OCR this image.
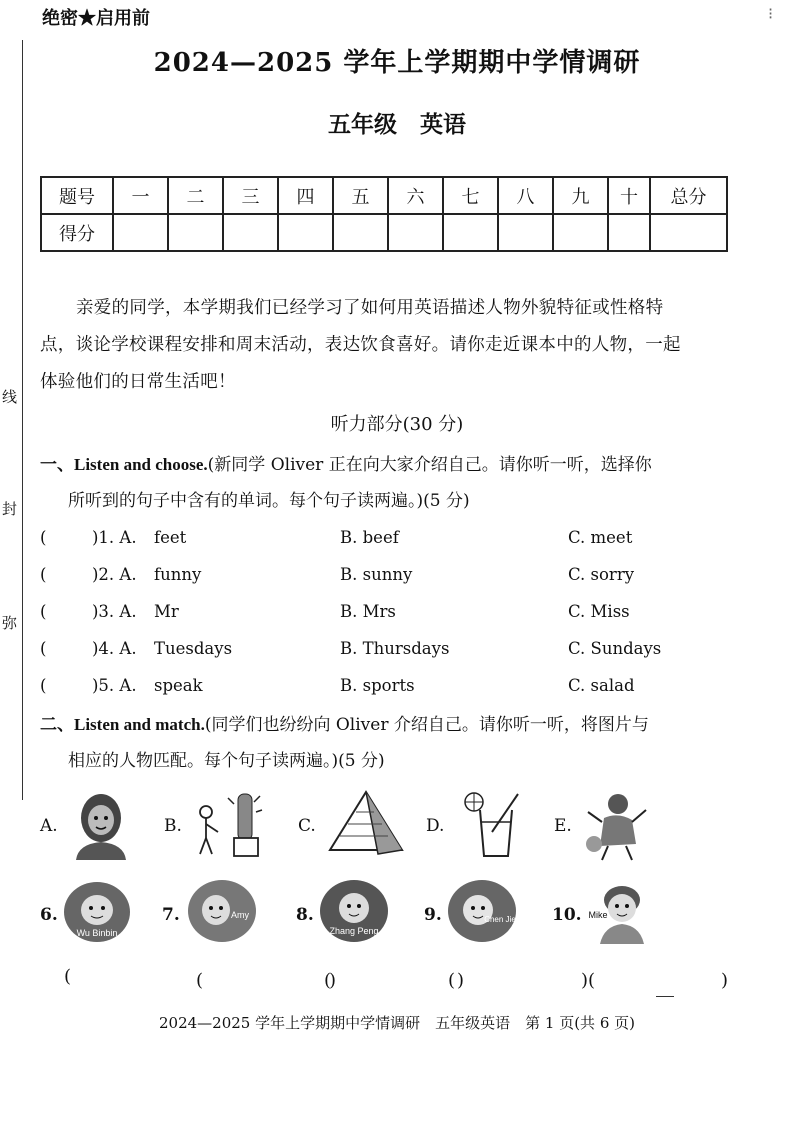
线
封
弥
绝密★启用前	⁝
2024—2025 学年上学期期中学情调研
五年级　英语
题号	一	二	三	四	五	六	七	八	九	十	总分
得分											
亲爱的同学，本学期我们已经学习了如何用英语描述人物外貌特征或性格特
点，谈论学校课程安排和周末活动，表达饮食喜好。请你走近课本中的人物，一起
体验他们的日常生活吧！
听力部分(30 分)
一、Listen and choose.(新同学 Oliver 正在向大家介绍自己。请你听一听，选择你
所听到的句子中含有的单词。每个句子读两遍。)(5 分)
(	)1. A. feet	B. beef	C. meet
(	)2. A. funny	B. sunny	C. sorry
(	)3. A. Mr	B. Mrs	C. Miss
(	)4. A. Tuesdays	B. Thursdays	C. Sundays
(	)5. A. speak	B. sports	C. salad
二、Listen and match.(同学们也纷纷向 Oliver 介绍自己。请你听一听，将图片与
相应的人物匹配。每个句子读两遍。)(5 分)
A.	B.	C.	D.	E.
6.
Wu Binbin
7.	Amy	8.
Zhang Peng
9.	Chen Jie 10. Mike
(	(　　)
(　　)
(　　)
(　　)
2024—2025 学年上学期期中学情调研　五年级英语　第 1 页(共 6 页)
